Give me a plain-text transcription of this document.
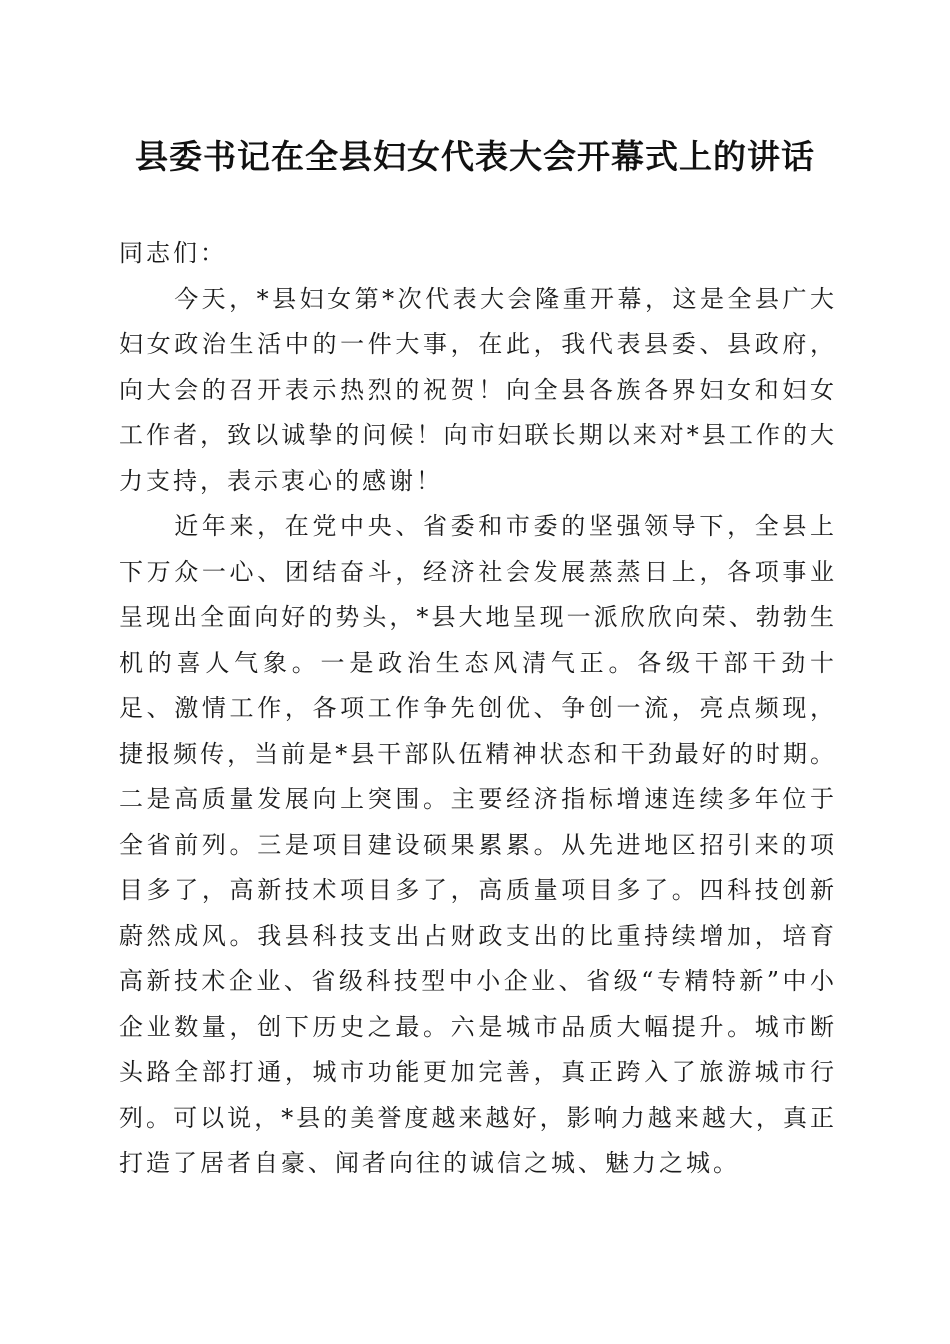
县委书记在全县妇女代表大会开幕式上的讲话

同志们：

今天，*县妇女第*次代表大会隆重开幕，这是全县广大妇女政治生活中的一件大事，在此，我代表县委、县政府，向大会的召开表示热烈的祝贺！向全县各族各界妇女和妇女工作者，致以诚挚的问候！向市妇联长期以来对*县工作的大力支持，表示衷心的感谢！

近年来，在党中央、省委和市委的坚强领导下，全县上下万众一心、团结奋斗，经济社会发展蒸蒸日上，各项事业呈现出全面向好的势头，*县大地呈现一派欣欣向荣、勃勃生机的喜人气象。一是政治生态风清气正。各级干部干劲十足、激情工作，各项工作争先创优、争创一流，亮点频现，捷报频传，当前是*县干部队伍精神状态和干劲最好的时期。二是高质量发展向上突围。主要经济指标增速连续多年位于全省前列。三是项目建设硕果累累。从先进地区招引来的项目多了，高新技术项目多了，高质量项目多了。四科技创新蔚然成风。我县科技支出占财政支出的比重持续增加，培育高新技术企业、省级科技型中小企业、省级“专精特新”中小企业数量，创下历史之最。六是城市品质大幅提升。城市断头路全部打通，城市功能更加完善，真正跨入了旅游城市行列。可以说，*县的美誉度越来越好，影响力越来越大，真正打造了居者自豪、闻者向往的诚信之城、魅力之城。
